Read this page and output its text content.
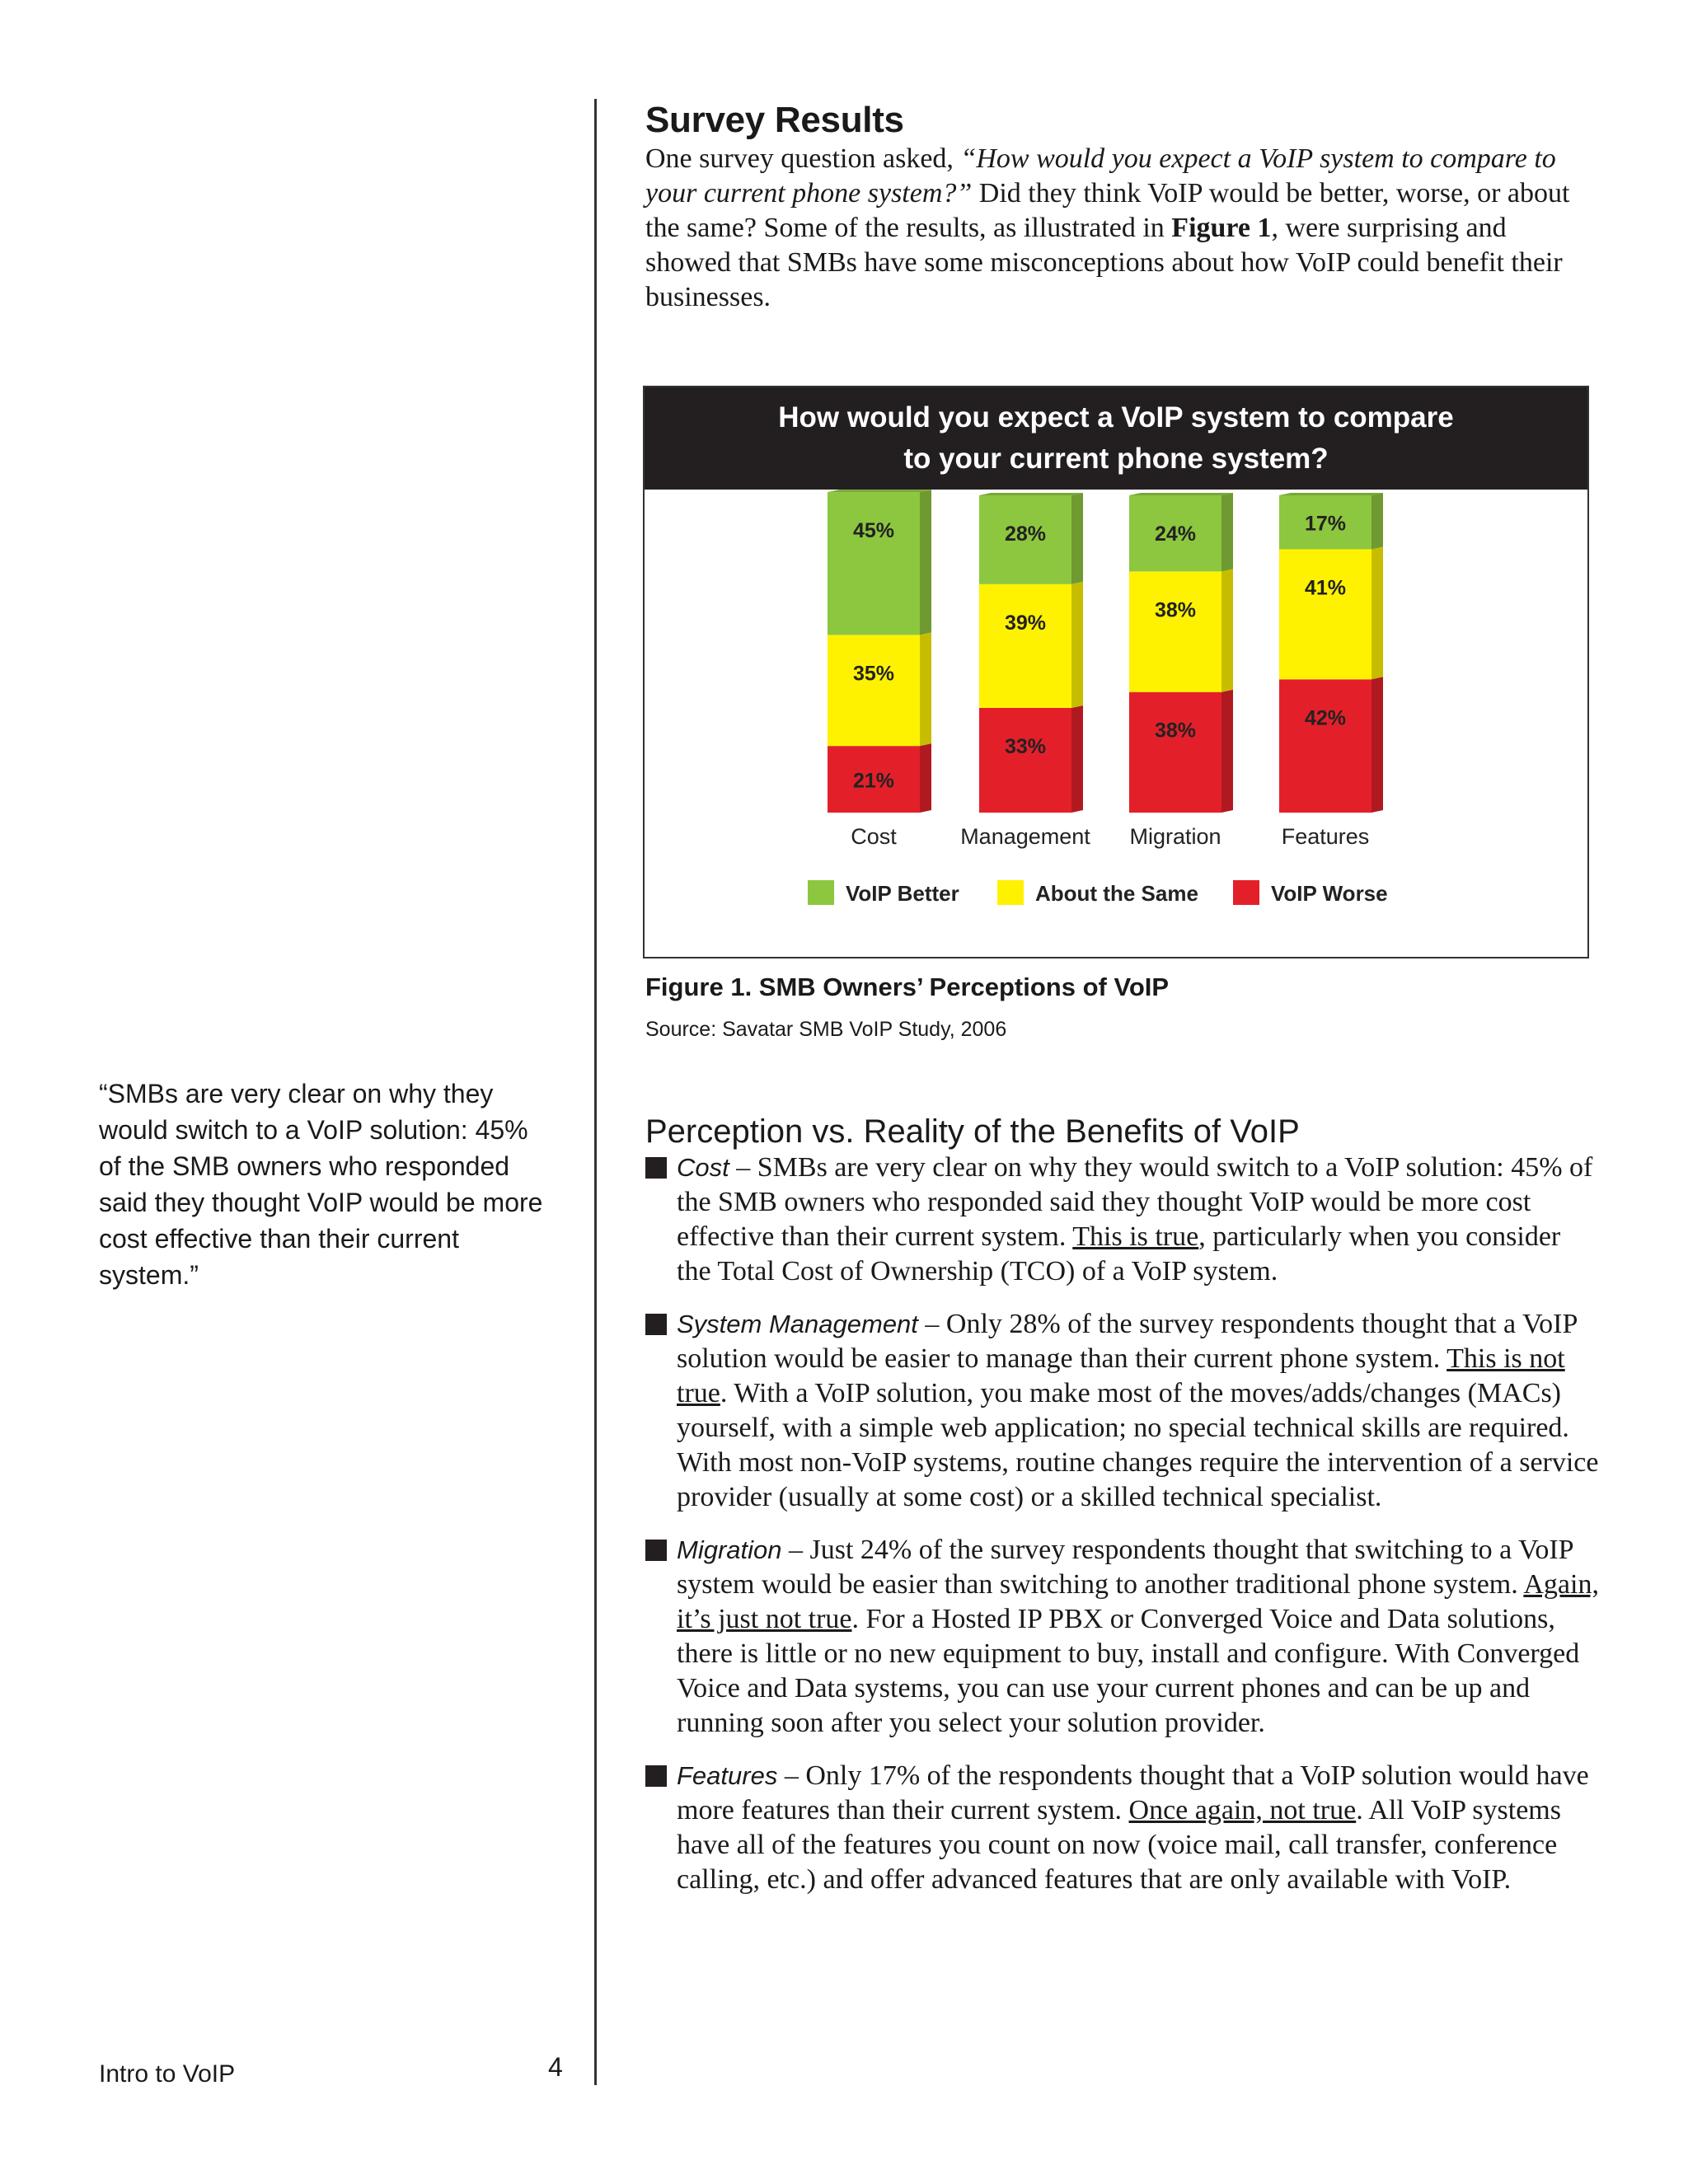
“SMBs are very clear on why they would switch to a VoIP solution: 45% of the SMB owners who responded said they thought VoIP would be more cost effective than their current system.”
Survey Results

One survey question asked, “How would you expect a VoIP system to compare to your current phone system?” Did they think VoIP would be better, worse, or about the same? Some of the results, as illustrated in Figure 1, were surprising and showed that SMBs have some misconceptions about how VoIP could benefit their businesses.

How would you expect a VoIP system to compare
to your current phone system?
21%
35%
45%
Cost
33%
39%
28%
Management
38%
38%
24%
Migration
42%
41%
17%
Features
VoIP Better	About the Same	VoIP Worse
Figure 1. SMB Owners’ Perceptions of VoIP
Source: Savatar SMB VoIP Study, 2006
Perception vs. Reality of the Benefits of VoIP

Cost – SMBs are very clear on why they would switch to a VoIP solution: 45% of the SMB owners who responded said they thought VoIP would be more cost effective than their current system. This is true, particularly when you consider the Total Cost of Ownership (TCO) of a VoIP system.

System Management – Only 28% of the survey respondents thought that a VoIP solution would be easier to manage than their current phone system. This is not true. With a VoIP solution, you make most of the moves/adds/changes (MACs) yourself, with a simple web application; no special technical skills are required. With most non-VoIP systems, routine changes require the intervention of a service provider (usually at some cost) or a skilled technical specialist.

Migration – Just 24% of the survey respondents thought that switching to a VoIP system would be easier than switching to another traditional phone system. Again, it’s just not true. For a Hosted IP PBX or Converged Voice and Data solutions, there is little or no new equipment to buy, install and configure. With Converged Voice and Data systems, you can use your current phones and can be up and running soon after you select your solution provider.

Features – Only 17% of the respondents thought that a VoIP solution would have more features than their current system. Once again, not true. All VoIP systems have all of the features you count on now (voice mail, call transfer, conference calling, etc.) and offer advanced features that are only available with VoIP.

Intro to VoIP	4
